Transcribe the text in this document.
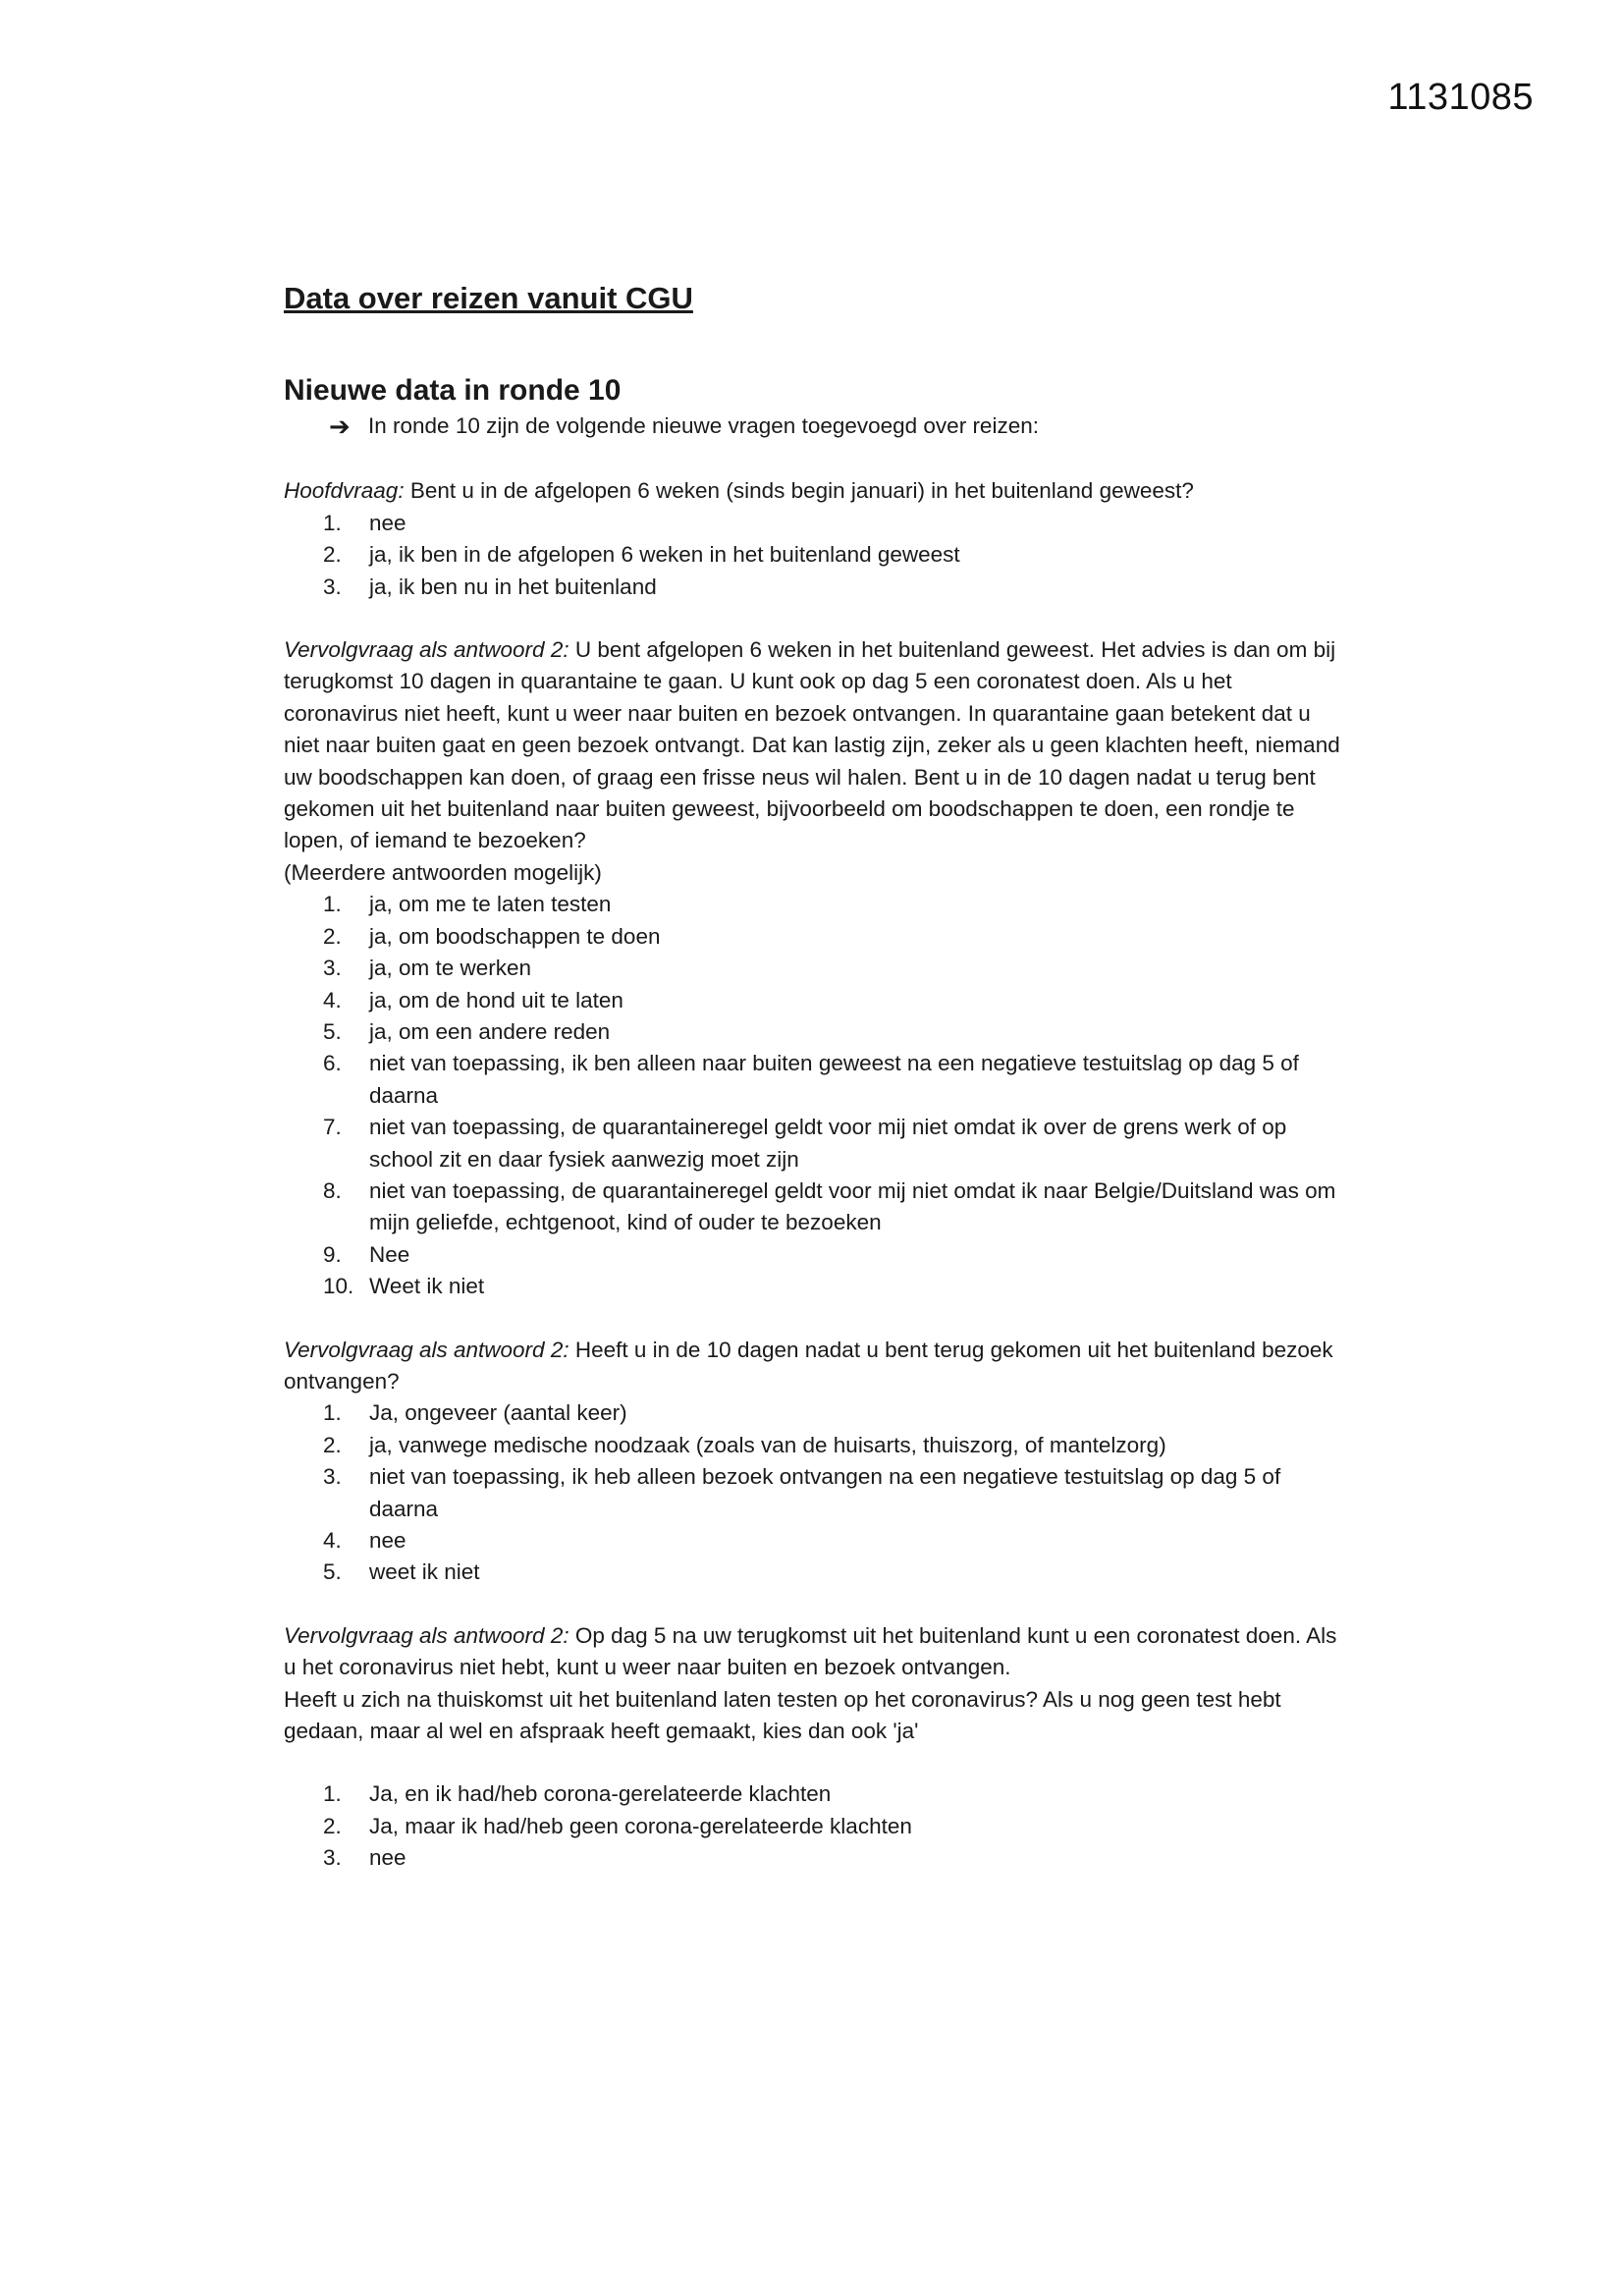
1131085
Data over reizen vanuit CGU
Nieuwe data in ronde 10
➔ In ronde 10 zijn de volgende nieuwe vragen toegevoegd over reizen:

Hoofdvraag: Bent u in de afgelopen 6 weken (sinds begin januari) in het buitenland geweest?

1.	nee
2.	ja, ik ben in de afgelopen 6 weken in het buitenland geweest
3.	ja, ik ben nu in het buitenland

Vervolgvraag als antwoord 2: U bent afgelopen 6 weken in het buitenland geweest. Het advies is dan om bij terugkomst 10 dagen in quarantaine te gaan. U kunt ook op dag 5 een coronatest doen. Als u het coronavirus niet heeft, kunt u weer naar buiten en bezoek ontvangen. In quarantaine gaan betekent dat u niet naar buiten gaat en geen bezoek ontvangt. Dat kan lastig zijn, zeker als u geen klachten heeft, niemand uw boodschappen kan doen, of graag een frisse neus wil halen. Bent u in de 10 dagen nadat u terug bent gekomen uit het buitenland naar buiten geweest, bijvoorbeeld om boodschappen te doen, een rondje te lopen, of iemand te bezoeken?

(Meerdere antwoorden mogelijk)

1.	ja, om me te laten testen
2.	ja, om boodschappen te doen
3.	ja, om te werken
4.	ja, om de hond uit te laten
5.	ja, om een andere reden
6.	niet van toepassing, ik ben alleen naar buiten geweest na een negatieve testuitslag op dag 5 of daarna
7.	niet van toepassing, de quarantaineregel geldt voor mij niet omdat ik over de grens werk of op school zit en daar fysiek aanwezig moet zijn
8.	niet van toepassing, de quarantaineregel geldt voor mij niet omdat ik naar Belgie/Duitsland was om mijn geliefde, echtgenoot, kind of ouder te bezoeken
9.	Nee
10. Weet ik niet

Vervolgvraag als antwoord 2: Heeft u in de 10 dagen nadat u bent terug gekomen uit het buitenland bezoek ontvangen?

1.	Ja, ongeveer (aantal keer)
2.	ja, vanwege medische noodzaak (zoals van de huisarts, thuiszorg, of mantelzorg)
3.	niet van toepassing, ik heb alleen bezoek ontvangen na een negatieve testuitslag op dag 5 of daarna
4.	nee
5.	weet ik niet

Vervolgvraag als antwoord 2: Op dag 5 na uw terugkomst uit het buitenland kunt u een coronatest doen. Als u het coronavirus niet hebt, kunt u weer naar buiten en bezoek ontvangen.

Heeft u zich na thuiskomst uit het buitenland laten testen op het coronavirus? Als u nog geen test hebt gedaan, maar al wel en afspraak heeft gemaakt, kies dan ook 'ja'

1.	Ja, en ik had/heb corona-gerelateerde klachten
2.	Ja, maar ik had/heb geen corona-gerelateerde klachten
3.	nee
